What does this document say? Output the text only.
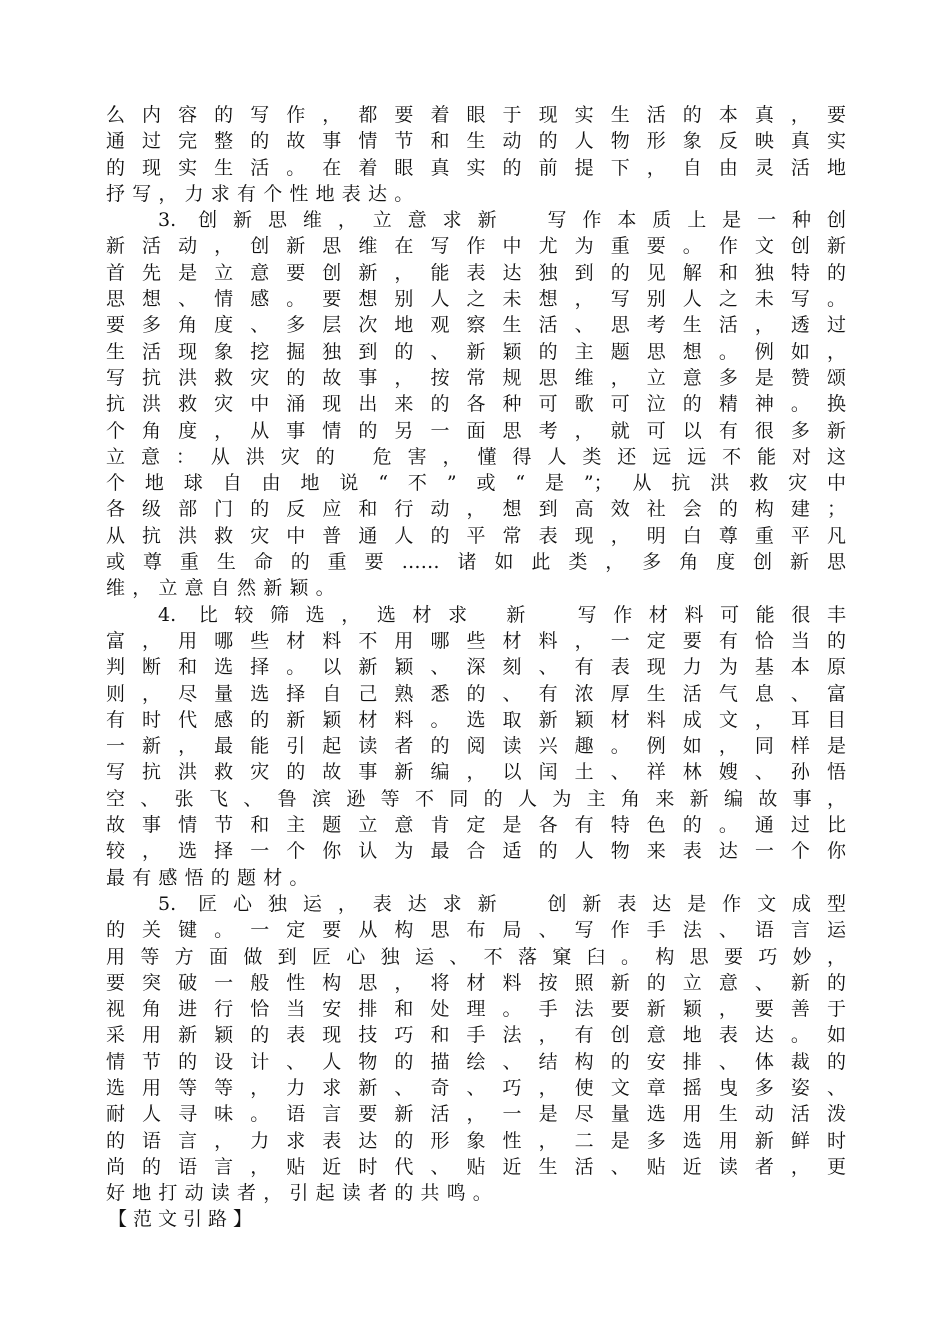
么内容的写作，都要着眼于现实生活的本真，要
通过完整的故事情节和生动的人物形象反映真实
的现实生活。在着眼真实的前提下，自由灵活地
抒写，力求有个性地表达。
3. 创新思维，立意求新　写作本质上是一种创
新活动，创新思维在写作中尤为重要。作文创新
首先是立意要创新，能表达独到的见解和独特的
思想、情感。要想别人之未想，写别人之未写。
要多角度、多层次地观察生活、思考生活，透过
生活现象挖掘独到的、新颖的主题思想。例如，
写抗洪救灾的故事，按常规思维，立意多是赞颂
抗洪救灾中涌现出来的各种可歌可泣的精神。换
个角度，从事情的另一面思考，就可以有很多新
立意：从洪灾的 危害，懂得人类还远远不能对这
个地球自由地说“不”或“是”；从抗洪救灾中
各级部门的反应和行动，想到高效社会的构建；
从抗洪救灾中普通人的平常表现，明白尊重平凡
或尊重生命的重要……诸如此类，多角度创新思
维，立意自然新颖。
4. 比较筛选，选材求 新　写作材料可能很丰
富，用哪些材料不用哪些材料，一定要有恰当的
判断和选择。以新颖、深刻、有表现力为基本原
则，尽量选择自己熟悉的、有浓厚生活气息、富
有时代感的新颖材料。选取新颖材料成文，耳目
一新，最能引起读者的阅读兴趣。例如，同样是
写抗洪救灾的故事新编，以闰土、祥林嫂、孙悟
空、张飞、鲁滨逊等不同的人为主角来新编故事，
故事情节和主题立意肯定是各有特色的。通过比
较，选择一个你认为最合适的人物来表达一个你
最有感悟的题材。
5. 匠心独运，表达求新　创新表达是作文成型
的关键。一定要从构思布局、写作手法、语言运
用等方面做到匠心独运、不落窠臼。构思要巧妙，
要突破一般性构思，将材料按照新的立意、新的
视角进行恰当安排和处理。手法要新颖，要善于
采用新颖的表现技巧和手法，有创意地表达。如
情节的设计、人物的描绘、结构的安排、体裁的
选用等等，力求新、奇、巧，使文章摇曳多姿、
耐人寻味。语言要新活，一是尽量选用生动活泼
的语言，力求表达的形象性，二是多选用新鲜时
尚的语言，贴近时代、贴近生活、贴近读者，更
好地打动读者，引起读者的共鸣。
【范文引路】
